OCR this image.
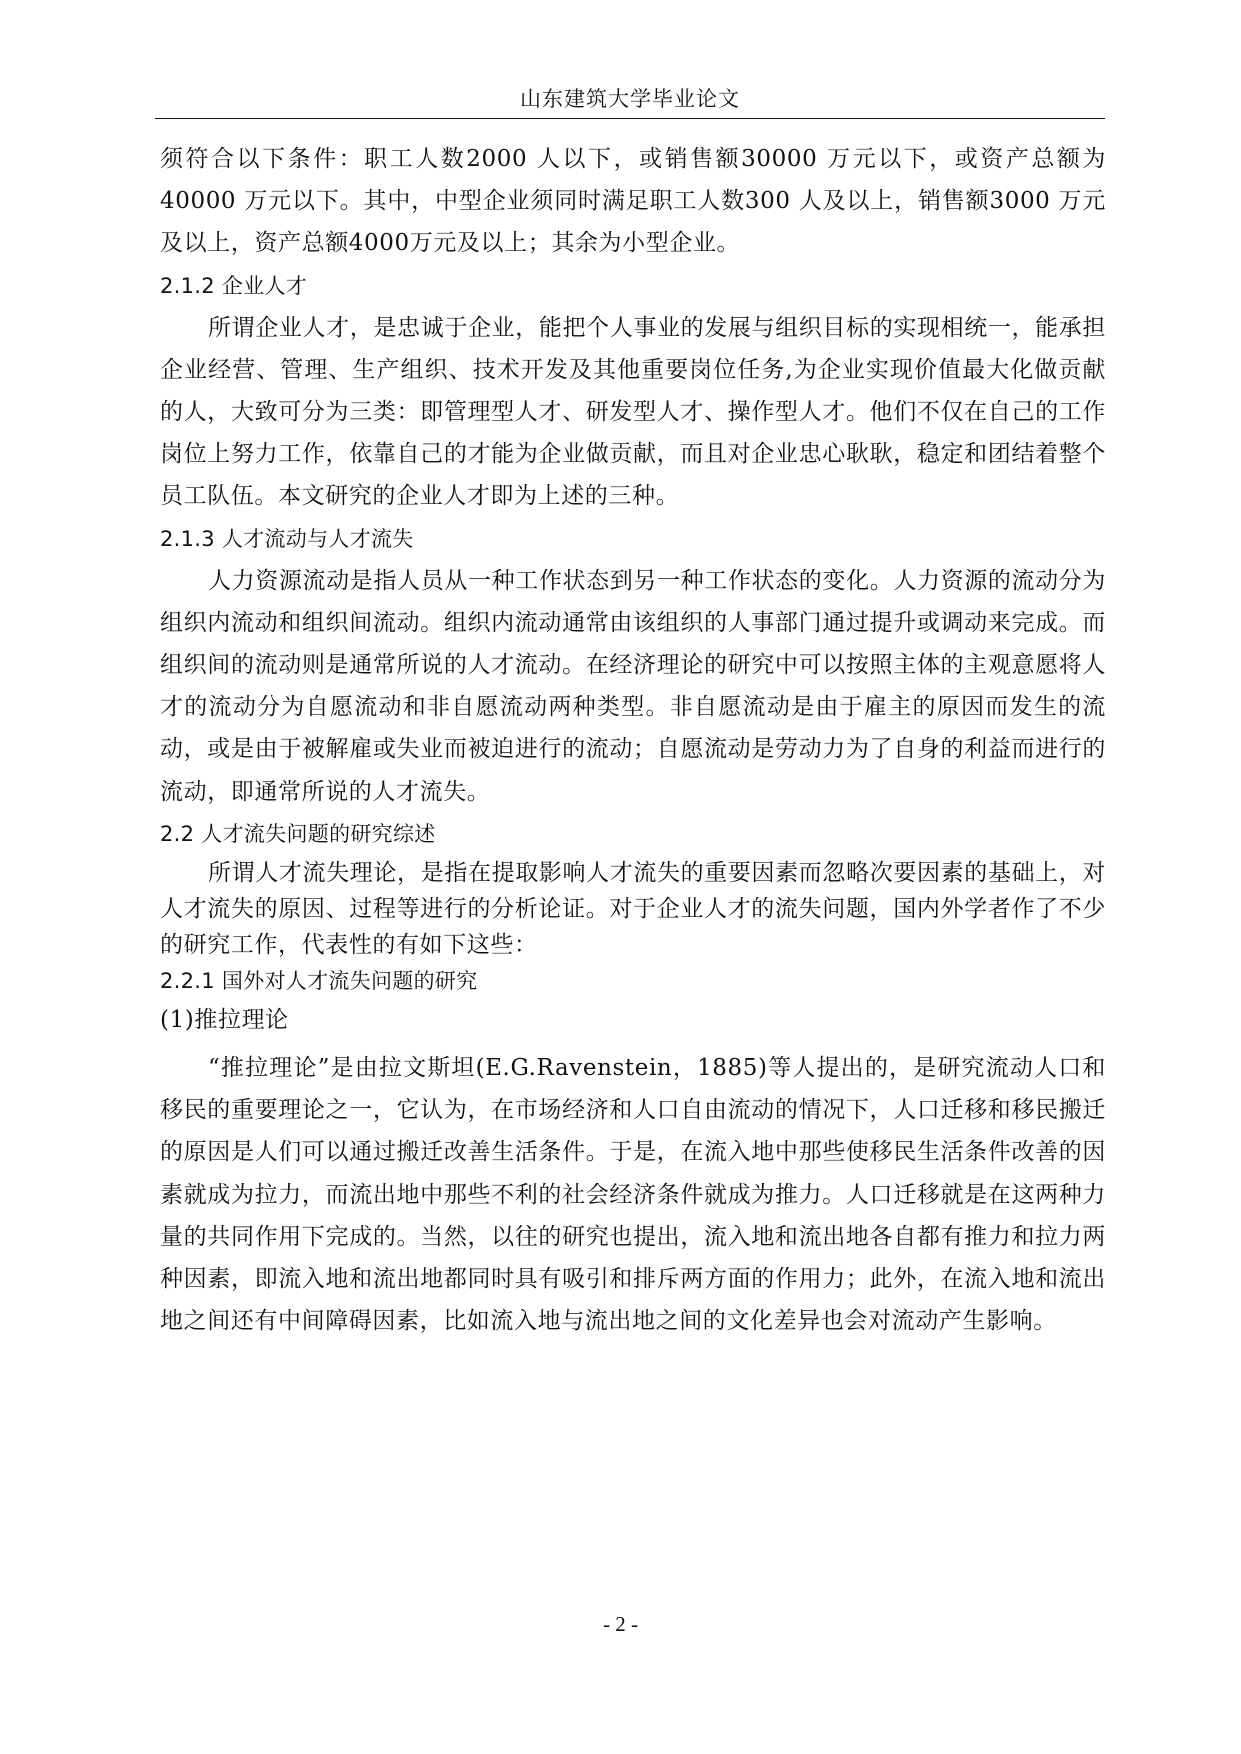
山东建筑大学毕业论文

须符合以下条件：职工人数2000 人以下，或销售额30000 万元以下，或资产总额为40000 万元以下。其中，中型企业须同时满足职工人数300 人及以上，销售额3000 万元及以上，资产总额4000万元及以上；其余为小型企业。

2.1.2 企业人才

所谓企业人才，是忠诚于企业，能把个人事业的发展与组织目标的实现相统一，能承担企业经营、管理、生产组织、技术开发及其他重要岗位任务,为企业实现价值最大化做贡献的人，大致可分为三类：即管理型人才、研发型人才、操作型人才。他们不仅在自己的工作岗位上努力工作，依靠自己的才能为企业做贡献，而且对企业忠心耿耿，稳定和团结着整个员工队伍。本文研究的企业人才即为上述的三种。

2.1.3 人才流动与人才流失

人力资源流动是指人员从一种工作状态到另一种工作状态的变化。人力资源的流动分为组织内流动和组织间流动。组织内流动通常由该组织的人事部门通过提升或调动来完成。而组织间的流动则是通常所说的人才流动。在经济理论的研究中可以按照主体的主观意愿将人才的流动分为自愿流动和非自愿流动两种类型。非自愿流动是由于雇主的原因而发生的流动，或是由于被解雇或失业而被迫进行的流动；自愿流动是劳动力为了自身的利益而进行的流动，即通常所说的人才流失。

2.2 人才流失问题的研究综述

所谓人才流失理论，是指在提取影响人才流失的重要因素而忽略次要因素的基础上，对人才流失的原因、过程等进行的分析论证。对于企业人才的流失问题，国内外学者作了不少的研究工作，代表性的有如下这些：

2.2.1 国外对人才流失问题的研究

(1)推拉理论

“推拉理论”是由拉文斯坦(E.G.Ravenstein，1885)等人提出的，是研究流动人口和移民的重要理论之一，它认为，在市场经济和人口自由流动的情况下，人口迁移和移民搬迁的原因是人们可以通过搬迁改善生活条件。于是，在流入地中那些使移民生活条件改善的因素就成为拉力，而流出地中那些不利的社会经济条件就成为推力。人口迁移就是在这两种力量的共同作用下完成的。当然，以往的研究也提出，流入地和流出地各自都有推力和拉力两种因素，即流入地和流出地都同时具有吸引和排斥两方面的作用力；此外，在流入地和流出地之间还有中间障碍因素，比如流入地与流出地之间的文化差异也会对流动产生影响。

- 2 -
